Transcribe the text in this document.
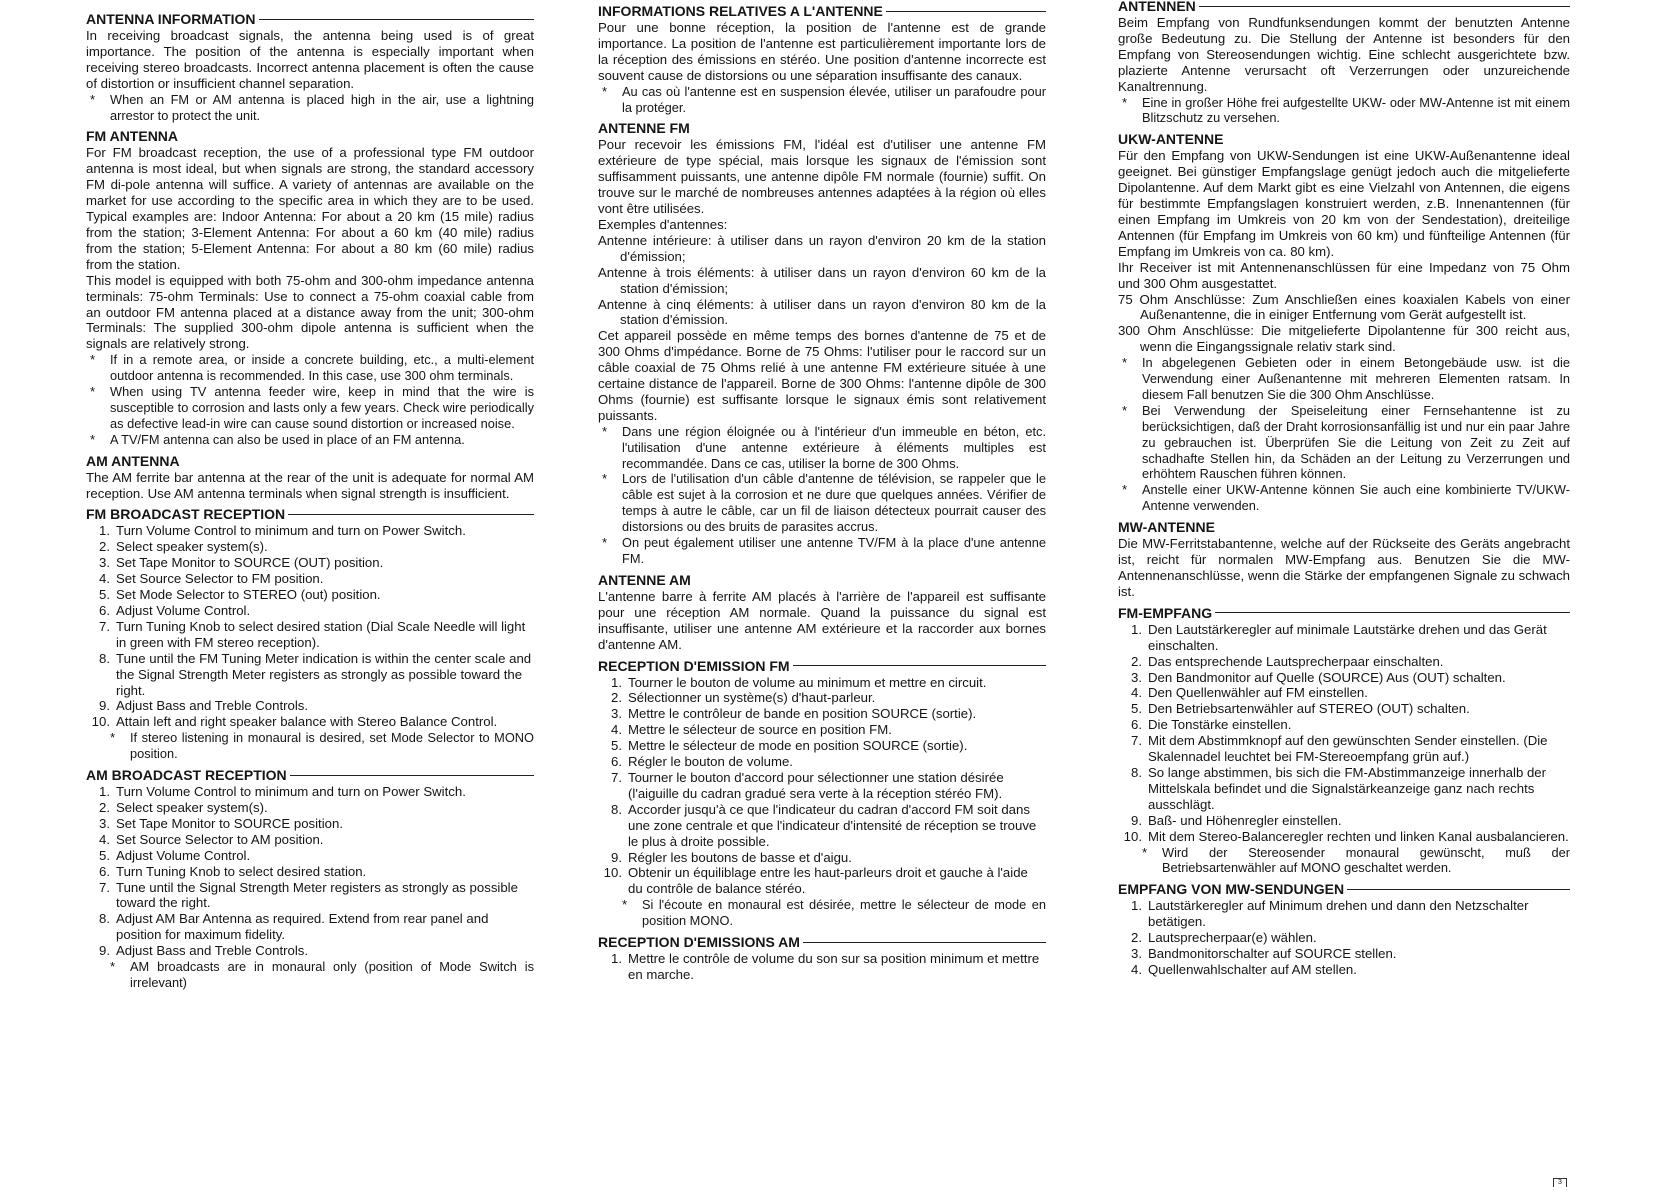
ANTENNA INFORMATION

In receiving broadcast signals, the antenna being used is of great importance. The position of the antenna is especially important when receiving stereo broadcasts. Incorrect antenna placement is often the cause of distortion or insufficient channel separation.

*	When an FM or AM antenna is placed high in the air, use a lightning arrestor to protect the unit.
FM ANTENNA

For FM broadcast reception, the use of a professional type FM outdoor antenna is most ideal, but when signals are strong, the standard accessory FM di-pole antenna will suffice. A variety of antennas are available on the market for use according to the specific area in which they are to be used. Typical examples are: Indoor Antenna: For about a 20 km (15 mile) radius from the station; 3-Element Antenna: For about a 60 km (40 mile) radius from the station; 5-Element Antenna: For about a 80 km (60 mile) radius from the station.

This model is equipped with both 75-ohm and 300-ohm impedance antenna terminals: 75-ohm Terminals: Use to connect a 75-ohm coaxial cable from an outdoor FM antenna placed at a distance away from the unit; 300-ohm Terminals: The supplied 300-ohm dipole antenna is sufficient when the signals are relatively strong.

*	If in a remote area, or inside a concrete building, etc., a multi-element outdoor antenna is recommended. In this case, use 300 ohm terminals.
*	When using TV antenna feeder wire, keep in mind that the wire is susceptible to corrosion and lasts only a few years. Check wire periodically as defective lead-in wire can cause sound distortion or increased noise.
*	A TV/FM antenna can also be used in place of an FM antenna.
AM ANTENNA

The AM ferrite bar antenna at the rear of the unit is adequate for normal AM reception. Use AM antenna terminals when signal strength is insufficient.

FM BROADCAST RECEPTION
1. Turn Volume Control to minimum and turn on Power Switch.
2. Select speaker system(s).
3. Set Tape Monitor to SOURCE (OUT) position.
4. Set Source Selector to FM position.
5. Set Mode Selector to STEREO (out) position.
6. Adjust Volume Control.
7. Turn Tuning Knob to select desired station (Dial Scale Needle will light in green with FM stereo reception).
8. Tune until the FM Tuning Meter indication is within the center scale and the Signal Strength Meter registers as strongly as possible toward the right.
9. Adjust Bass and Treble Controls.
10. Attain left and right speaker balance with Stereo Balance Control.
*	If stereo listening in monaural is desired, set Mode Selector to MONO position.
AM BROADCAST RECEPTION
1. Turn Volume Control to minimum and turn on Power Switch.
2. Select speaker system(s).
3. Set Tape Monitor to SOURCE position.
4. Set Source Selector to AM position.
5. Adjust Volume Control.
6. Turn Tuning Knob to select desired station.
7. Tune until the Signal Strength Meter registers as strongly as possible toward the right.
8. Adjust AM Bar Antenna as required. Extend from rear panel and position for maximum fidelity.
9. Adjust Bass and Treble Controls.
*	AM broadcasts are in monaural only (position of Mode Switch is irrelevant)
INFORMATIONS RELATIVES A L'ANTENNE

Pour une bonne réception, la position de l'antenne est de grande importance. La position de l'antenne est particulièrement importante lors de la réception des émissions en stéréo. Une position d'antenne incorrecte est souvent cause de distorsions ou une séparation insuffisante des canaux.

*	Au cas où l'antenne est en suspension élevée, utiliser un parafoudre pour la protéger.
ANTENNE FM

Pour recevoir les émissions FM, l'idéal est d'utiliser une antenne FM extérieure de type spécial, mais lorsque les signaux de l'émission sont suffisamment puissants, une antenne dipôle FM normale (fournie) suffit. On trouve sur le marché de nombreuses antennes adaptées à la région où elles vont être utilisées.

Exemples d'antennes:

Antenne intérieure: à utiliser dans un rayon d'environ 20 km de la station d'émission;

Antenne à trois éléments: à utiliser dans un rayon d'environ 60 km de la station d'émission;

Antenne à cinq éléments: à utiliser dans un rayon d'environ 80 km de la station d'émission.

Cet appareil possède en même temps des bornes d'antenne de 75 et de 300 Ohms d'impédance. Borne de 75 Ohms: l'utiliser pour le raccord sur un câble coaxial de 75 Ohms relié à une antenne FM extérieure située à une certaine distance de l'appareil. Borne de 300 Ohms: l'antenne dipôle de 300 Ohms (fournie) est suffisante lorsque le signaux émis sont relativement puissants.

*	Dans une région éloignée ou à l'intérieur d'un immeuble en béton, etc. l'utilisation d'une antenne extérieure à éléments multiples est recommandée. Dans ce cas, utiliser la borne de 300 Ohms.
*	Lors de l'utilisation d'un câble d'antenne de télévision, se rappeler que le câble est sujet à la corrosion et ne dure que quelques années. Vérifier de temps à autre le câble, car un fil de liaison détecteux pourrait causer des distorsions ou des bruits de parasites accrus.
*	On peut également utiliser une antenne TV/FM à la place d'une antenne FM.
ANTENNE AM

L'antenne barre à ferrite AM placés à l'arrière de l'appareil est suffisante pour une réception AM normale. Quand la puissance du signal est insuffisante, utiliser une antenne AM extérieure et la raccorder aux bornes d'antenne AM.

RECEPTION D'EMISSION FM
1. Tourner le bouton de volume au minimum et mettre en circuit.
2. Sélectionner un système(s) d'haut-parleur.
3. Mettre le contrôleur de bande en position SOURCE (sortie).
4. Mettre le sélecteur de source en position FM.
5. Mettre le sélecteur de mode en position SOURCE (sortie).
6. Régler le bouton de volume.
7. Tourner le bouton d'accord pour sélectionner une station désirée (l'aiguille du cadran gradué sera verte à la réception stéréo FM).
8. Accorder jusqu'à ce que l'indicateur du cadran d'accord FM soit dans une zone centrale et que l'indicateur d'intensité de réception se trouve le plus à droite possible.
9. Régler les boutons de basse et d'aigu.
10. Obtenir un équiliblage entre les haut-parleurs droit et gauche à l'aide du contrôle de balance stéréo.
*	Si l'écoute en monaural est désirée, mettre le sélecteur de mode en position MONO.
RECEPTION D'EMISSIONS AM
1. Mettre le contrôle de volume du son sur sa position minimum et mettre en marche.
ANTENNEN

Beim Empfang von Rundfunksendungen kommt der benutzten Antenne große Bedeutung zu. Die Stellung der Antenne ist besonders für den Empfang von Stereosendungen wichtig. Eine schlecht ausgerichtete bzw. plazierte Antenne verursacht oft Verzerrungen oder unzureichende Kanaltrennung.

*	Eine in großer Höhe frei aufgestellte UKW- oder MW-Antenne ist mit einem Blitzschutz zu versehen.
UKW-ANTENNE

Für den Empfang von UKW-Sendungen ist eine UKW-Außenantenne ideal geeignet. Bei günstiger Empfangslage genügt jedoch auch die mitgelieferte Dipolantenne. Auf dem Markt gibt es eine Vielzahl von Antennen, die eigens für bestimmte Empfangslagen konstruiert werden, z.B. Innenantennen (für einen Empfang im Umkreis von 20 km von der Sendestation), dreiteilige Antennen (für Empfang im Umkreis von 60 km) und fünfteilige Antennen (für Empfang im Umkreis von ca. 80 km).

Ihr Receiver ist mit Antennenanschlüssen für eine Impedanz von 75 Ohm und 300 Ohm ausgestattet.

75 Ohm Anschlüsse: Zum Anschließen eines koaxialen Kabels von einer Außenantenne, die in einiger Entfernung vom Gerät aufgestellt ist.

300 Ohm Anschlüsse: Die mitgelieferte Dipolantenne für 300 reicht aus, wenn die Eingangssignale relativ stark sind.

*	In abgelegenen Gebieten oder in einem Betongebäude usw. ist die Verwendung einer Außenantenne mit mehreren Elementen ratsam. In diesem Fall benutzen Sie die 300 Ohm Anschlüsse.
*	Bei Verwendung der Speiseleitung einer Fernsehantenne ist zu berücksichtigen, daß der Draht korrosionsanfällig ist und nur ein paar Jahre zu gebrauchen ist. Überprüfen Sie die Leitung von Zeit zu Zeit auf schadhafte Stellen hin, da Schäden an der Leitung zu Verzerrungen und erhöhtem Rauschen führen können.
*	Anstelle einer UKW-Antenne können Sie auch eine kombinierte TV/UKW-Antenne verwenden.
MW-ANTENNE

Die MW-Ferritstabantenne, welche auf der Rückseite des Geräts angebracht ist, reicht für normalen MW-Empfang aus. Benutzen Sie die MW-Antennenanschlüsse, wenn die Stärke der empfangenen Signale zu schwach ist.

FM-EMPFANG
1. Den Lautstärkeregler auf minimale Lautstärke drehen und das Gerät einschalten.
2. Das entsprechende Lautsprecherpaar einschalten.
3. Den Bandmonitor auf Quelle (SOURCE) Aus (OUT) schalten.
4. Den Quellenwähler auf FM einstellen.
5. Den Betriebsartenwähler auf STEREO (OUT) schalten.
6. Die Tonstärke einstellen.
7. Mit dem Abstimmknopf auf den gewünschten Sender einstellen. (Die Skalennadel leuchtet bei FM-Stereoempfang grün auf.)
8. So lange abstimmen, bis sich die FM-Abstimmanzeige innerhalb der Mittelskala befindet und die Signalstärkeanzeige ganz nach rechts ausschlägt.
9. Baß- und Höhenregler einstellen.
10. Mit dem Stereo-Balanceregler rechten und linken Kanal ausbalancieren.
*	Wird der Stereosender monaural gewünscht, muß der Betriebsartenwähler auf MONO geschaltet werden.
EMPFANG VON MW-SENDUNGEN
1. Lautstärkeregler auf Minimum drehen und dann den Netzschalter betätigen.
2. Lautsprecherpaar(e) wählen.
3. Bandmonitorschalter auf SOURCE stellen.
4. Quellenwahlschalter auf AM stellen.
3
